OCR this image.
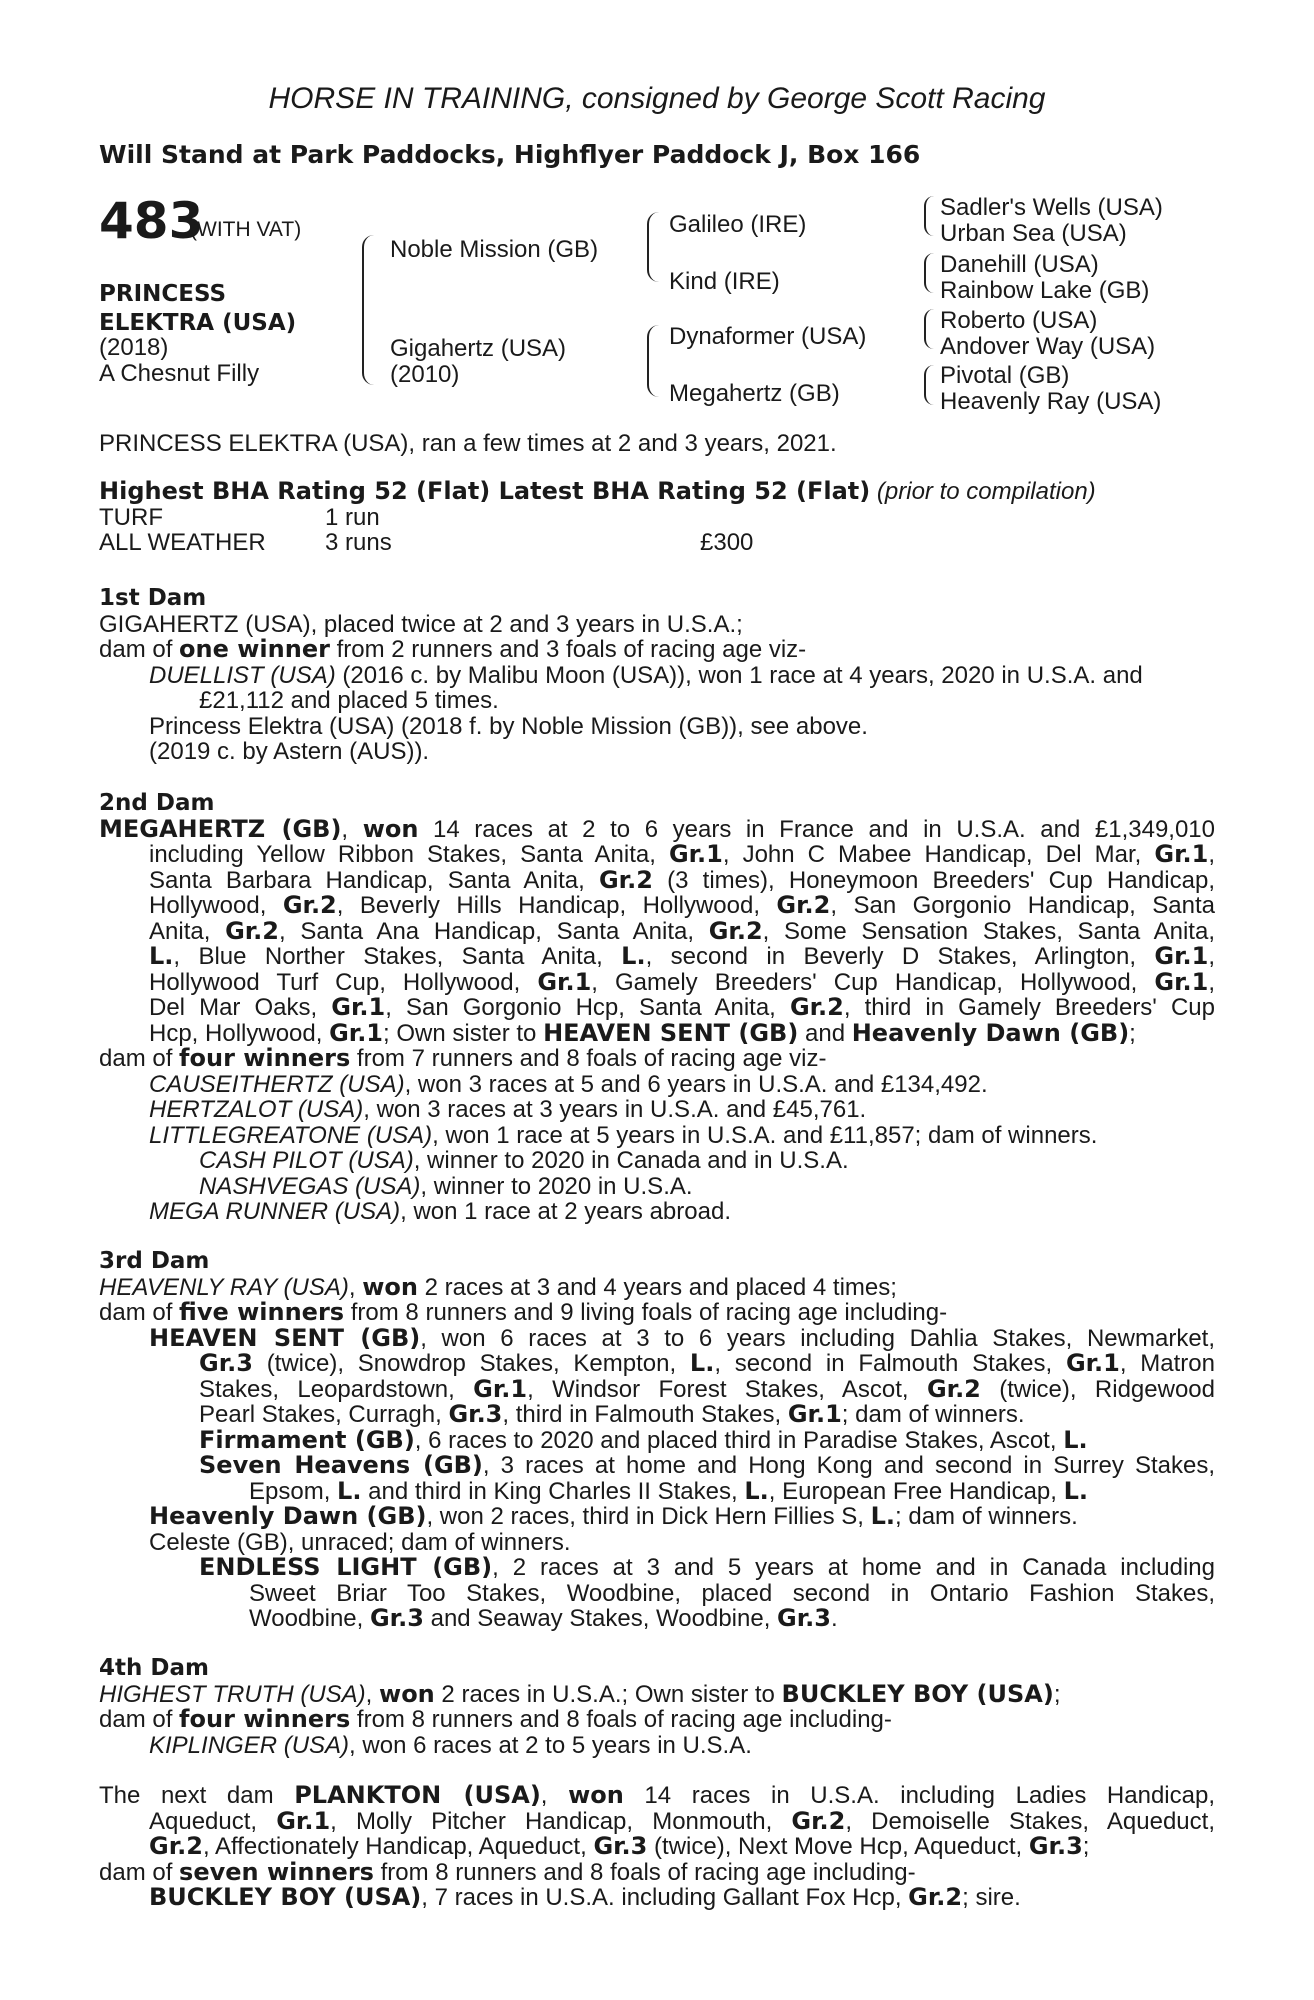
HORSE IN TRAINING, consigned by George Scott Racing
Will Stand at Park Paddocks, Highflyer Paddock J, Box 166
483
(WITH VAT)
PRINCESS
ELEKTRA (USA)
(2018)
A Chesnut Filly
Noble Mission (GB)
Gigahertz (USA)
(2010)
Galileo (IRE)
Kind (IRE)
Dynaformer (USA)
Megahertz (GB)
Sadler's Wells (USA)
Urban Sea (USA)
Danehill (USA)
Rainbow Lake (GB)
Roberto (USA)
Andover Way (USA)
Pivotal (GB)
Heavenly Ray (USA)
PRINCESS ELEKTRA (USA), ran a few times at 2 and 3 years, 2021.
Highest BHA Rating 52 (Flat) Latest BHA Rating 52 (Flat) (prior to compilation)
TURF	1 run
ALL WEATHER 3 runs	£300
1st Dam
GIGAHERTZ (USA), placed twice at 2 and 3 years in U.S.A.;
dam of one winner from 2 runners and 3 foals of racing age viz-
DUELLIST (USA) (2016 c. by Malibu Moon (USA)), won 1 race at 4 years, 2020 in U.S.A. and
£21,112 and placed 5 times.
Princess Elektra (USA) (2018 f. by Noble Mission (GB)), see above.
(2019 c. by Astern (AUS)).
2nd Dam
MEGAHERTZ (GB), won 14 races at 2 to 6 years in France and in U.S.A. and £1,349,010
including Yellow Ribbon Stakes, Santa Anita, Gr.1, John C Mabee Handicap, Del Mar, Gr.1,
Santa Barbara Handicap, Santa Anita, Gr.2 (3 times), Honeymoon Breeders' Cup Handicap,
Hollywood, Gr.2, Beverly Hills Handicap, Hollywood, Gr.2, San Gorgonio Handicap, Santa
Anita, Gr.2, Santa Ana Handicap, Santa Anita, Gr.2, Some Sensation Stakes, Santa Anita,
L., Blue Norther Stakes, Santa Anita, L., second in Beverly D Stakes, Arlington, Gr.1,
Hollywood Turf Cup, Hollywood, Gr.1, Gamely Breeders' Cup Handicap, Hollywood, Gr.1,
Del Mar Oaks, Gr.1, San Gorgonio Hcp, Santa Anita, Gr.2, third in Gamely Breeders' Cup
Hcp, Hollywood, Gr.1; Own sister to HEAVEN SENT (GB) and Heavenly Dawn (GB);
dam of four winners from 7 runners and 8 foals of racing age viz-
CAUSEITHERTZ (USA), won 3 races at 5 and 6 years in U.S.A. and £134,492.
HERTZALOT (USA), won 3 races at 3 years in U.S.A. and £45,761.
LITTLEGREATONE (USA), won 1 race at 5 years in U.S.A. and £11,857; dam of winners.
CASH PILOT (USA), winner to 2020 in Canada and in U.S.A.
NASHVEGAS (USA), winner to 2020 in U.S.A.
MEGA RUNNER (USA), won 1 race at 2 years abroad.
3rd Dam
HEAVENLY RAY (USA), won 2 races at 3 and 4 years and placed 4 times;
dam of five winners from 8 runners and 9 living foals of racing age including-
HEAVEN SENT (GB), won 6 races at 3 to 6 years including Dahlia Stakes, Newmarket,
Gr.3 (twice), Snowdrop Stakes, Kempton, L., second in Falmouth Stakes, Gr.1, Matron
Stakes, Leopardstown, Gr.1, Windsor Forest Stakes, Ascot, Gr.2 (twice), Ridgewood
Pearl Stakes, Curragh, Gr.3, third in Falmouth Stakes, Gr.1; dam of winners.
Firmament (GB), 6 races to 2020 and placed third in Paradise Stakes, Ascot, L.
Seven Heavens (GB), 3 races at home and Hong Kong and second in Surrey Stakes,
Epsom, L. and third in King Charles II Stakes, L., European Free Handicap, L.
Heavenly Dawn (GB), won 2 races, third in Dick Hern Fillies S, L.; dam of winners.
Celeste (GB), unraced; dam of winners.
ENDLESS LIGHT (GB), 2 races at 3 and 5 years at home and in Canada including
Sweet Briar Too Stakes, Woodbine, placed second in Ontario Fashion Stakes,
Woodbine, Gr.3 and Seaway Stakes, Woodbine, Gr.3.
4th Dam
HIGHEST TRUTH (USA), won 2 races in U.S.A.; Own sister to BUCKLEY BOY (USA);
dam of four winners from 8 runners and 8 foals of racing age including-
KIPLINGER (USA), won 6 races at 2 to 5 years in U.S.A.
The next dam PLANKTON (USA), won 14 races in U.S.A. including Ladies Handicap,
Aqueduct, Gr.1, Molly Pitcher Handicap, Monmouth, Gr.2, Demoiselle Stakes, Aqueduct,
Gr.2, Affectionately Handicap, Aqueduct, Gr.3 (twice), Next Move Hcp, Aqueduct, Gr.3;
dam of seven winners from 8 runners and 8 foals of racing age including-
BUCKLEY BOY (USA), 7 races in U.S.A. including Gallant Fox Hcp, Gr.2; sire.
